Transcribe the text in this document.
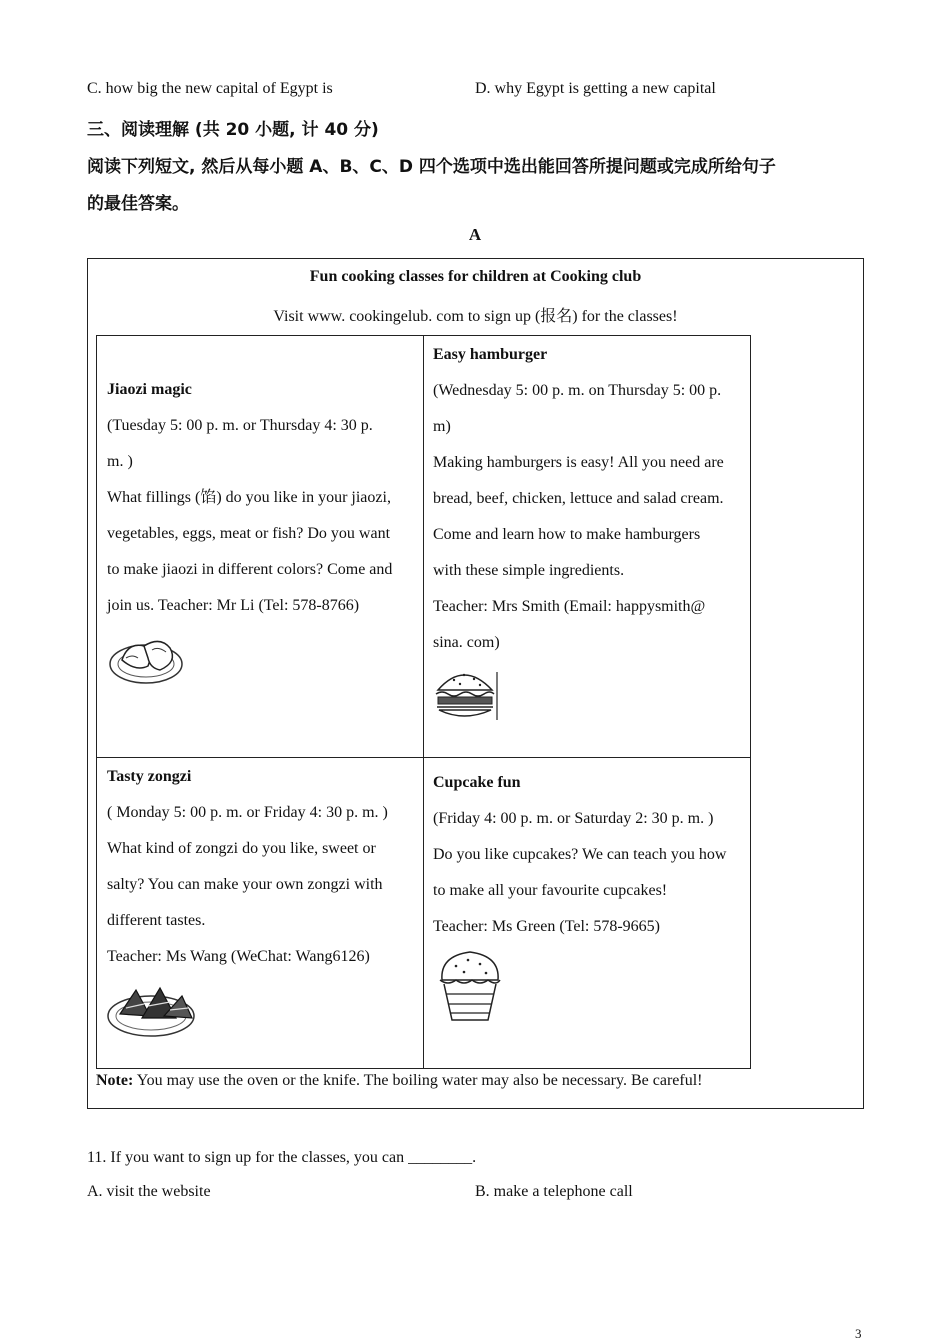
C. how big the new capital of Egypt is	D. why Egypt is getting a new capital
三、阅读理解 (共 20 小题, 计 40 分)
阅读下列短文, 然后从每小题 A、B、C、D 四个选项中选出能回答所提问题或完成所给句子
的最佳答案。
A
Fun cooking classes for children at Cooking club
Visit www. cookingelub. com to sign up (报名) for the classes!
Jiaozi magic
(Tuesday 5: 00 p. m. or Thursday 4: 30 p.
m. )
What fillings (馅) do you like in your jiaozi,
vegetables, eggs, meat or fish? Do you want
to make jiaozi in different colors? Come and
join us. Teacher: Mr Li (Tel: 578-8766)
Easy hamburger
(Wednesday 5: 00 p. m. on Thursday 5: 00 p.
m)
Making hamburgers is easy! All you need are
bread, beef, chicken, lettuce and salad cream.
Come and learn how to make hamburgers
with these simple ingredients.
Teacher: Mrs Smith (Email: happysmith@
sina. com)
Tasty zongzi
( Monday 5: 00 p. m. or Friday 4: 30 p. m. )
What kind of zongzi do you like, sweet or
salty? You can make your own zongzi with
different tastes.
Teacher: Ms Wang (WeChat: Wang6126)
Cupcake fun
(Friday 4: 00 p. m. or Saturday 2: 30 p. m. )
Do you like cupcakes? We can teach you how
to make all your favourite cupcakes!
Teacher: Ms Green (Tel: 578-9665)
Note: You may use the oven or the knife. The boiling water may also be necessary. Be careful!
11. If you want to sign up for the classes, you can ________.
A. visit the website	B. make a telephone call
3
